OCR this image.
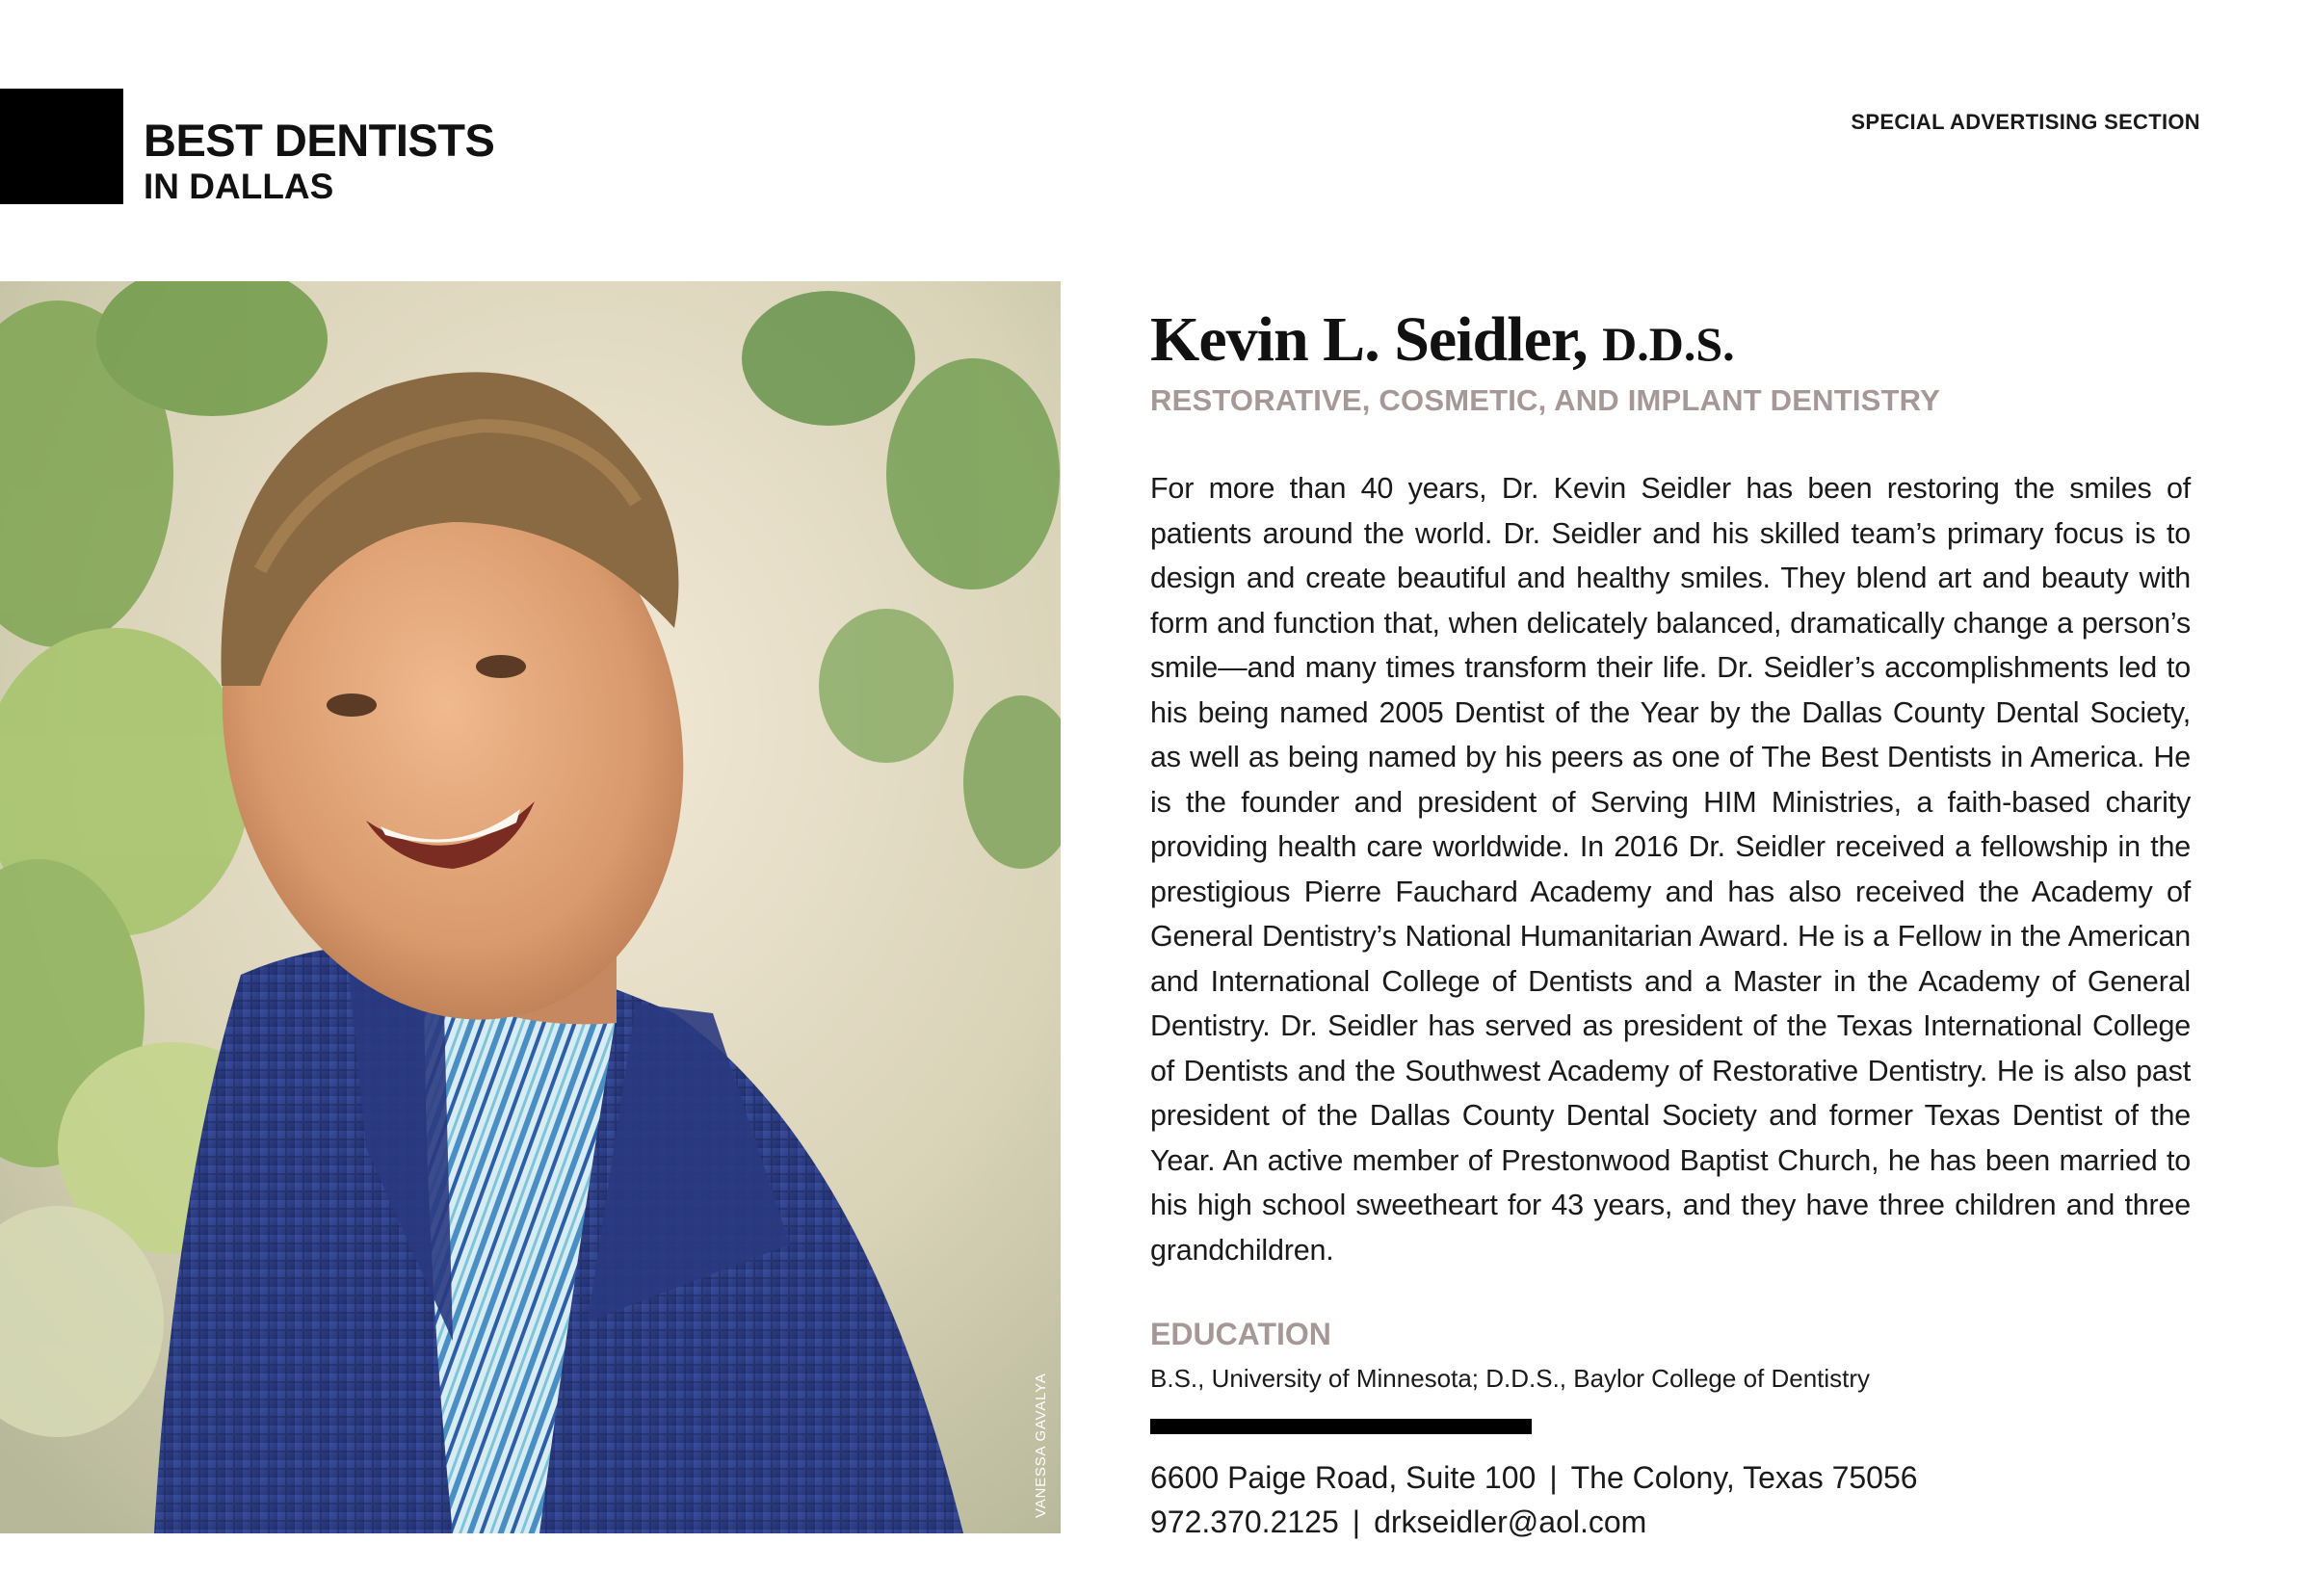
BEST DENTISTS
IN DALLAS
SPECIAL ADVERTISING SECTION
VANESSA GAVALYA
Kevin L. Seidler, D.D.S.
RESTORATIVE, COSMETIC, AND IMPLANT DENTISTRY
For more than 40 years, Dr. Kevin Seidler has been restoring the smiles of patients around the world. Dr. Seidler and his skilled team’s primary focus is to design and create beautiful and healthy smiles. They blend art and beauty with form and function that, when delicately balanced, dramatically change a person’s smile—and many times transform their life. Dr. Seidler’s accomplishments led to his being named 2005 Dentist of the Year by the Dallas County Dental Society, as well as being named by his peers as one of The Best Dentists in America. He is the founder and president of Serving HIM Ministries, a faith-based charity providing health care worldwide. In 2016 Dr. Seidler received a fellowship in the prestigious Pierre Fauchard Academy and has also received the Academy of General Dentistry’s National Humanitarian Award. He is a Fellow in the American and International College of Dentists and a Master in the Academy of General Dentistry. Dr. Seidler has served as president of the Texas International College of Dentists and the Southwest Academy of Restorative Dentistry. He is also past president of the Dallas County Dental Society and former Texas Dentist of the Year. An active member of Prestonwood Baptist Church, he has been married to his high school sweetheart for 43 years, and they have three children and three grandchildren.
EDUCATION
B.S., University of Minnesota; D.D.S., Baylor College of Dentistry
6600 Paige Road, Suite 100 | The Colony, Texas 75056
972.370.2125 | drkseidler@aol.com
